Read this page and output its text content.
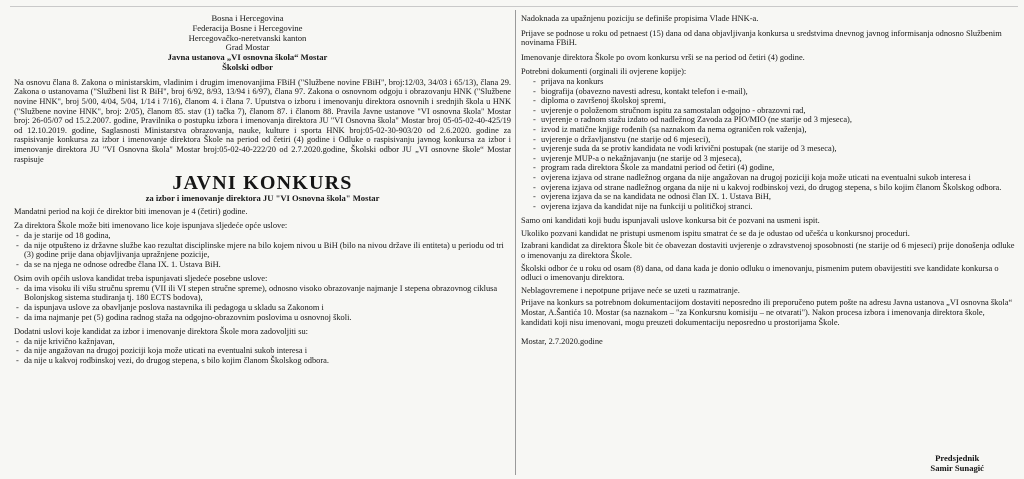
Bosna i Hercegovina
Federacija Bosne i Hercegovine
Hercegovačko-neretvanski kanton
Grad Mostar
Javna ustanova „VI osnovna škola“ Mostar
Školski odbor

Na osnovu člana 8. Zakona o ministarskim, vladinim i drugim imenovanjima FBiH ("Službene novine FBiH", broj:12/03, 34/03 i 65/13), člana 29. Zakona o ustanovama ("Službeni list R BiH", broj 6/92, 8/93, 13/94 i 6/97), člana 97. Zakona o osnovnom odgoju i obrazovanju HNK ("Službene novine HNK", broj 5/00, 4/04, 5/04, 1/14 i 7/16), članom 4. i člana 7. Uputstva o izboru i imenovanju direktora osnovnih i srednjih škola u HNK ("Službene novine HNK", broj: 2/05), članom 85. stav (1) tačka 7), članom 87. i članom 88. Pravila Javne ustanove "VI osnovna škola" Mostar broj: 26-05/07 od 15.2.2007. godine, Pravilnika o postupku izbora i imenovanja direktora JU "VI Osnovna škola" Mostar broj 05-05-02-40-425/19 od 12.10.2019. godine, Saglasnosti Ministarstva obrazovanja, nauke, kulture i sporta HNK broj:05-02-30-903/20 od 2.6.2020. godine za raspisivanje konkursa za izbor i imenovanje direktora Škole na period od četiri (4) godine i Odluke o raspisivanju javnog konkursa za izbor i imenovanje direktora JU "VI Osnovna škola" Mostar broj:05-02-40-222/20 od 2.7.2020.godine, Školski odbor JU „VI osnovne škole“ Mostar raspisuje

JAVNI KONKURS
za izbor i imenovanje direktora JU "VI Osnovna škola" Mostar

Mandatni period na koji će direktor biti imenovan je 4 (četiri) godine.

Za direktora Škole može biti imenovano lice koje ispunjava sljedeće opće uslove:

- da je starije od 18 godina,
- da nije otpušteno iz državne službe kao rezultat disciplinske mjere na bilo kojem nivou u BiH (bilo na nivou države ili entiteta) u periodu od tri (3) godine prije dana objavljivanja upražnjene pozicije,
- da se na njega ne odnose odredbe člana IX. 1. Ustava BiH.

Osim ovih općih uslova kandidat treba ispunjavati sljedeće posebne uslove:

- da ima visoku ili višu stručnu spremu (VII ili VI stepen stručne spreme), odnosno visoko obrazovanje najmanje I stepena obrazovnog ciklusa Bolonjskog sistema studiranja tj. 180 ECTS bodova),
- da ispunjava uslove za obavljanje poslova nastavnika ili pedagoga u skladu sa Zakonom i
- da ima najmanje pet (5) godina radnog staža na odgojno-obrazovnim poslovima u osnovnoj školi.

Dodatni uslovi koje kandidat za izbor i imenovanje direktora Škole mora zadovoljiti su:

- da nije krivično kažnjavan,
- da nije angažovan na drugoj poziciji koja može uticati na eventualni sukob interesa i
- da nije u kakvoj rodbinskoj vezi, do drugog stepena, s bilo kojim članom Školskog odbora.

Nadoknada za upažnjenu poziciju se definiše propisima Vlade HNK-a.

Prijave se podnose u roku od petnaest (15) dana od dana objavljivanja konkursa u sredstvima dnevnog javnog informisanja odnosno Službenim novinama FBiH.

Imenovanje direktora Škole po ovom konkursu vrši se na period od četiri (4) godine.

Potrebni dokumenti (orginali ili ovjerene kopije):

- prijava na konkurs
- biografija (obavezno navesti adresu, kontakt telefon i e-mail),
- diploma o završenoj školskoj spremi,
- uvjerenje o položenom stručnom ispitu za samostalan odgojno - obrazovni rad,
- uvjerenje o radnom stažu izdato od nadležnog Zavoda za PIO/MIO (ne starije od 3 mjeseca),
- izvod iz matične knjige rođenih (sa naznakom da nema ograničen rok važenja),
- uvjerenje o državljanstvu (ne starije od 6 mjeseci),
- uvjerenje suda da se protiv kandidata ne vodi krivični postupak (ne starije od 3 meseca),
- uvjerenje MUP-a o nekažnjavanju (ne starije od 3 mjeseca),
- program rada direktora Škole za mandatni period od četiri (4) godine,
- ovjerena izjava od strane nadležnog organa da nije angažovan na drugoj poziciji koja može uticati na eventualni sukob interesa i
- ovjerena izjava od strane nadležnog organa da nije ni u kakvoj rodbinskoj vezi, do drugog stepena, s bilo kojim članom Školskog odbora.
- ovjerena izjava da se na kandidata ne odnosi član IX. 1. Ustava BiH,
- ovjerena izjava da kandidat nije na funkciji u političkoj stranci.

Samo oni kandidati koji budu ispunjavali uslove konkursa bit će pozvani na usmeni ispit.

Ukoliko pozvani kandidat ne pristupi usmenom ispitu smatrat će se da je odustao od učešća u konkursnoj proceduri.

Izabrani kandidat za direktora Škole bit će obavezan dostaviti uvjerenje o zdravstvenoj sposobnosti (ne starije od 6 mjeseci) prije donošenja odluke o imenovanju za direktora Škole.

Školski odbor će u roku od osam (8) dana, od dana kada je donio odluku o imenovanju, pismenim putem obavijestiti sve kandidate konkursa o odluci o imenovanju direktora.

Neblagovremene i nepotpune prijave neće se uzeti u razmatranje.

Prijave na konkurs sa potrebnom dokumentacijom dostaviti neposredno ili preporučeno putem pošte na adresu Javna ustanova „VI osnovna škola“ Mostar, A.Šantića 10. Mostar (sa naznakom – "za Konkursnu komisiju – ne otvarati"). Nakon procesa izbora i imenovanja direktora škole, kandidati koji nisu imenovani, mogu preuzeti dokumentaciju neposredno u prostorijama Škole.

Mostar, 2.7.2020.godine

Predsjednik
Samir Sunagić
